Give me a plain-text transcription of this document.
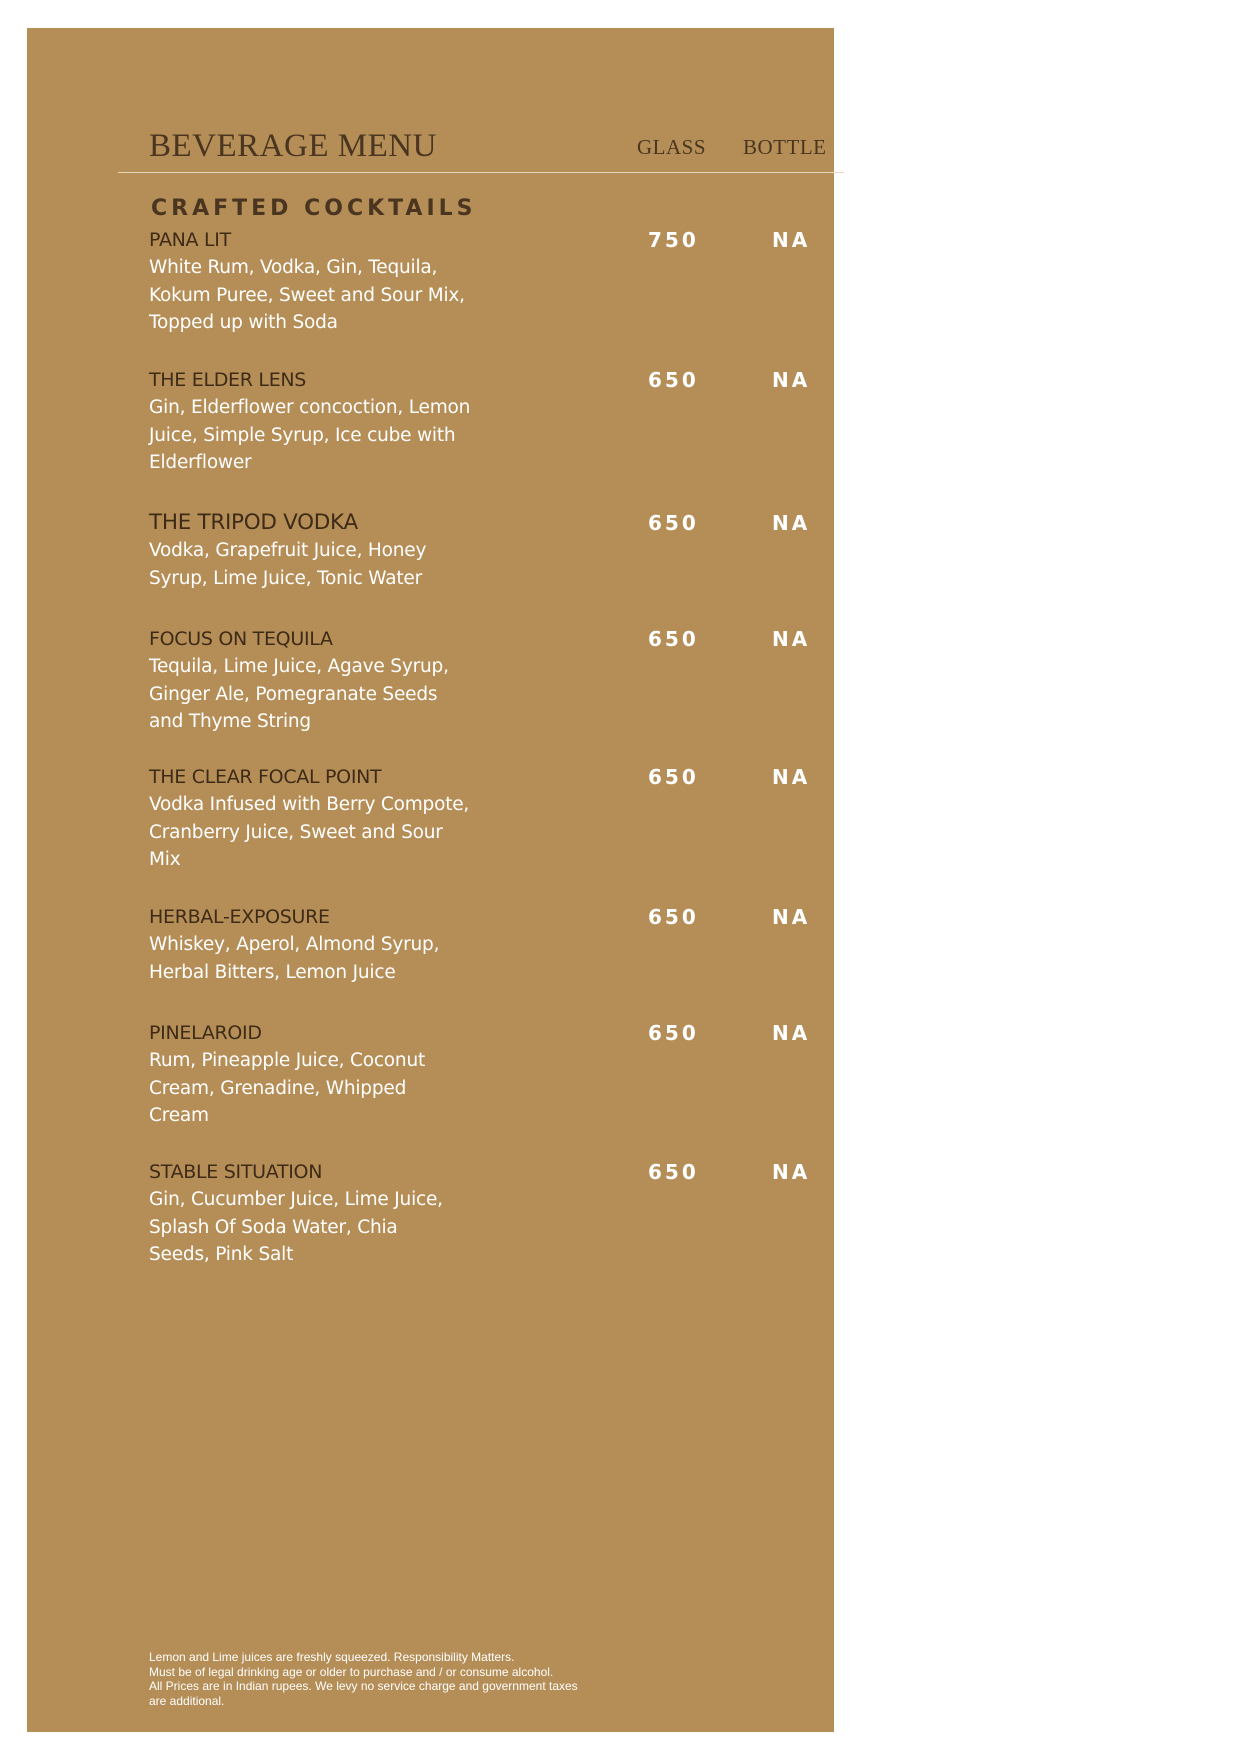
BEVERAGE MENU	GLASS BOTTLE
CRAFTED COCKTAILS
PANA LIT
White Rum, Vodka, Gin, Tequila,
Kokum Puree, Sweet and Sour Mix,
Topped up with Soda
750	NA
THE ELDER LENS
Gin, Elderflower concoction, Lemon
Juice, Simple Syrup, Ice cube with
Elderflower
650	NA
THE TRIPOD VODKA
Vodka, Grapefruit Juice, Honey
Syrup, Lime Juice, Tonic Water
650	NA
FOCUS ON TEQUILA
Tequila, Lime Juice, Agave Syrup,
Ginger Ale, Pomegranate Seeds
and Thyme String
650	NA
THE CLEAR FOCAL POINT
Vodka Infused with Berry Compote,
Cranberry Juice, Sweet and Sour
Mix
650	NA
HERBAL-EXPOSURE
Whiskey, Aperol, Almond Syrup,
Herbal Bitters, Lemon Juice
650	NA
PINELAROID
Rum, Pineapple Juice, Coconut
Cream, Grenadine, Whipped
Cream
650	NA
STABLE SITUATION
Gin, Cucumber Juice, Lime Juice,
Splash Of Soda Water, Chia
Seeds, Pink Salt
650	NA
Lemon and Lime juices are freshly squeezed. Responsibility Matters.
Must be of legal drinking age or older to purchase and / or consume alcohol.
All Prices are in Indian rupees. We levy no service charge and government taxes
are additional.
